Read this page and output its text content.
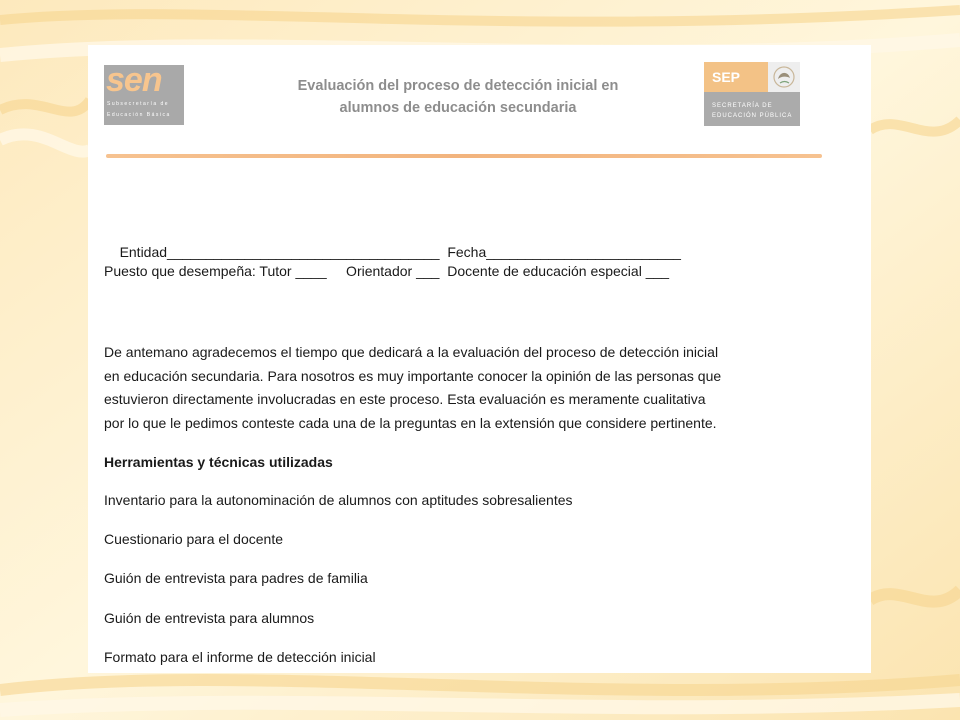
sen
Subsecretaría de
Educación Básica
Evaluación del proceso de detección inicial en
alumnos de educación secundaria
SEP
SECRETARÍA DE
EDUCACIÓN PÚBLICA

Entidad___________________________________ Fecha_________________________

Puesto que desempeña: Tutor ____     Orientador ___  Docente de educación especial ___
De antemano agradecemos el tiempo que dedicará a la evaluación del proceso de detección inicial
en educación secundaria. Para nosotros es muy importante conocer la opinión de las personas que
estuvieron directamente involucradas en este proceso. Esta evaluación es meramente cualitativa
por lo que le pedimos conteste cada una de la preguntas en la extensión que considere pertinente.
Herramientas y técnicas utilizadas
Inventario para la autonominación de alumnos con aptitudes sobresalientes
Cuestionario para el docente
Guión de entrevista para padres de familia
Guión de entrevista para alumnos
Formato para el informe de detección inicial
